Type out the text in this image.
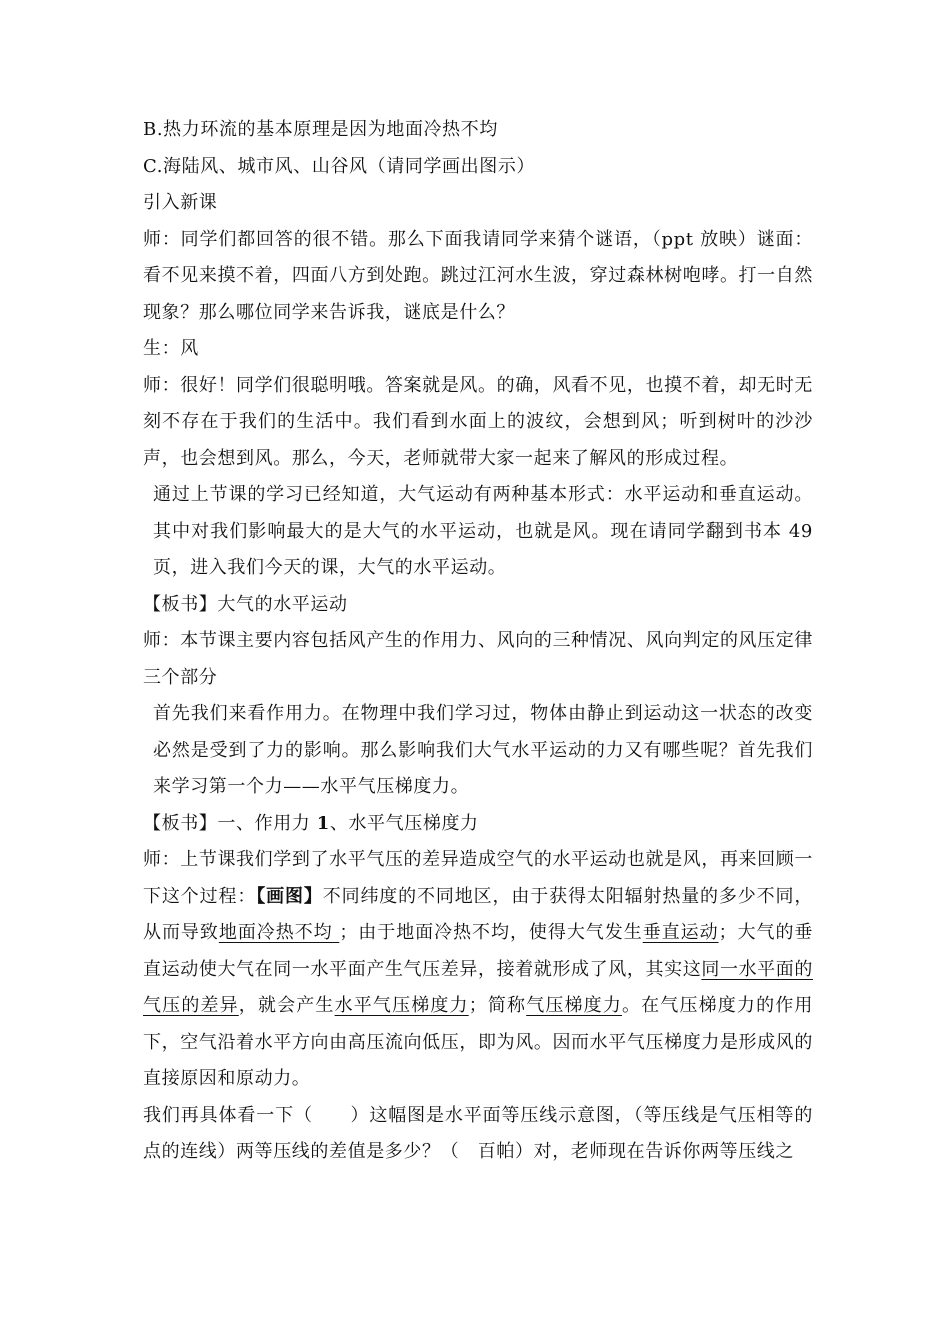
B.热力环流的基本原理是因为地面冷热不均

C.海陆风、城市风、山谷风（请同学画出图示）

引入新课

师：同学们都回答的很不错。那么下面我请同学来猜个谜语，（ppt 放映）谜面：看不见来摸不着，四面八方到处跑。跳过江河水生波，穿过森林树咆哮。打一自然现象？那么哪位同学来告诉我，谜底是什么？

生：风

师：很好！同学们很聪明哦。答案就是风。的确，风看不见，也摸不着，却无时无刻不存在于我们的生活中。我们看到水面上的波纹，会想到风；听到树叶的沙沙声，也会想到风。那么，今天，老师就带大家一起来了解风的形成过程。

通过上节课的学习已经知道，大气运动有两种基本形式：水平运动和垂直运动。其中对我们影响最大的是大气的水平运动，也就是风。现在请同学翻到书本 49 页，进入我们今天的课，大气的水平运动。

【板书】大气的水平运动

师：本节课主要内容包括风产生的作用力、风向的三种情况、风向判定的风压定律三个部分

首先我们来看作用力。在物理中我们学习过，物体由静止到运动这一状态的改变必然是受到了力的影响。那么影响我们大气水平运动的力又有哪些呢？首先我们来学习第一个力——水平气压梯度力。

【板书】一、作用力 1、水平气压梯度力

师：上节课我们学到了水平气压的差异造成空气的水平运动也就是风，再来回顾一下这个过程：【画图】不同纬度的不同地区，由于获得太阳辐射热量的多少不同，从而导致地面冷热不均 ；由于地面冷热不均，使得大气发生垂直运动；大气的垂直运动使大气在同一水平面产生气压差异，接着就形成了风，其实这同一水平面的气压的差异，就会产生水平气压梯度力；简称气压梯度力。在气压梯度力的作用下，空气沿着水平方向由高压流向低压，即为风。因而水平气压梯度力是形成风的直接原因和原动力。

我们再具体看一下（　　）这幅图是水平面等压线示意图，（等压线是气压相等的点的连线）两等压线的差值是多少？（　百帕）对，老师现在告诉你两等压线之
